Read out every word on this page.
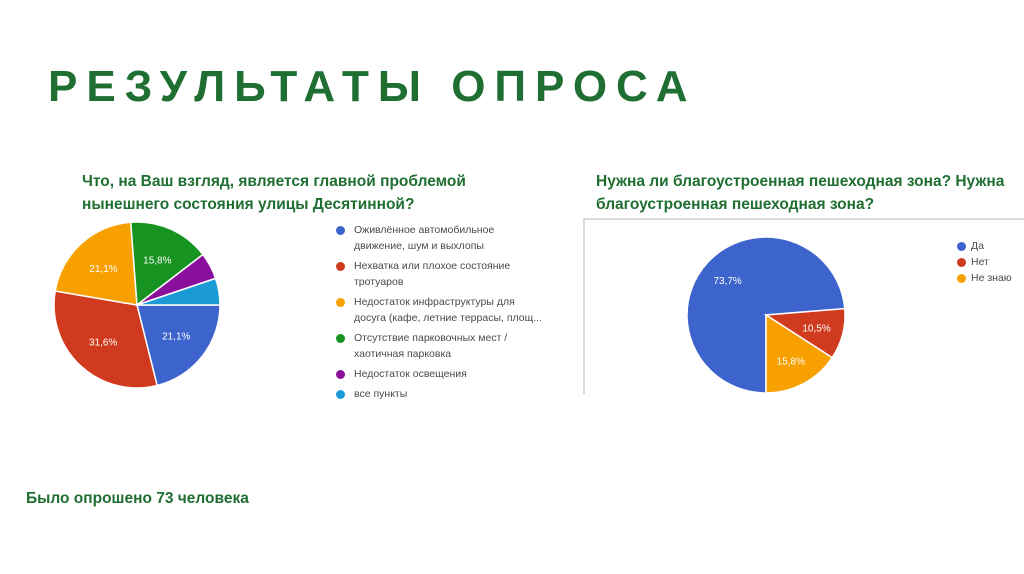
РЕЗУЛЬТАТЫ ОПРОСА
Что, на Ваш взгляд, является главной проблемой
нынешнего состояния улицы Десятинной?
Нужна ли благоустроенная пешеходная зона? Нужна
благоустроенная пешеходная зона?
21,1%
31,6%
21,1%
15,8%
Оживлённое автомобильное
движение, шум и выхлопы
Нехватка или плохое состояние
тротуаров
Недостаток инфраструктуры для
досуга (кафе, летние террасы, площ...
Отсутствие парковочных мест /
хаотичная парковка
Недостаток освещения
все пункты
73,7%
10,5%
15,8%
Да
Нет
Не знаю

Было опрошено 73 человека
